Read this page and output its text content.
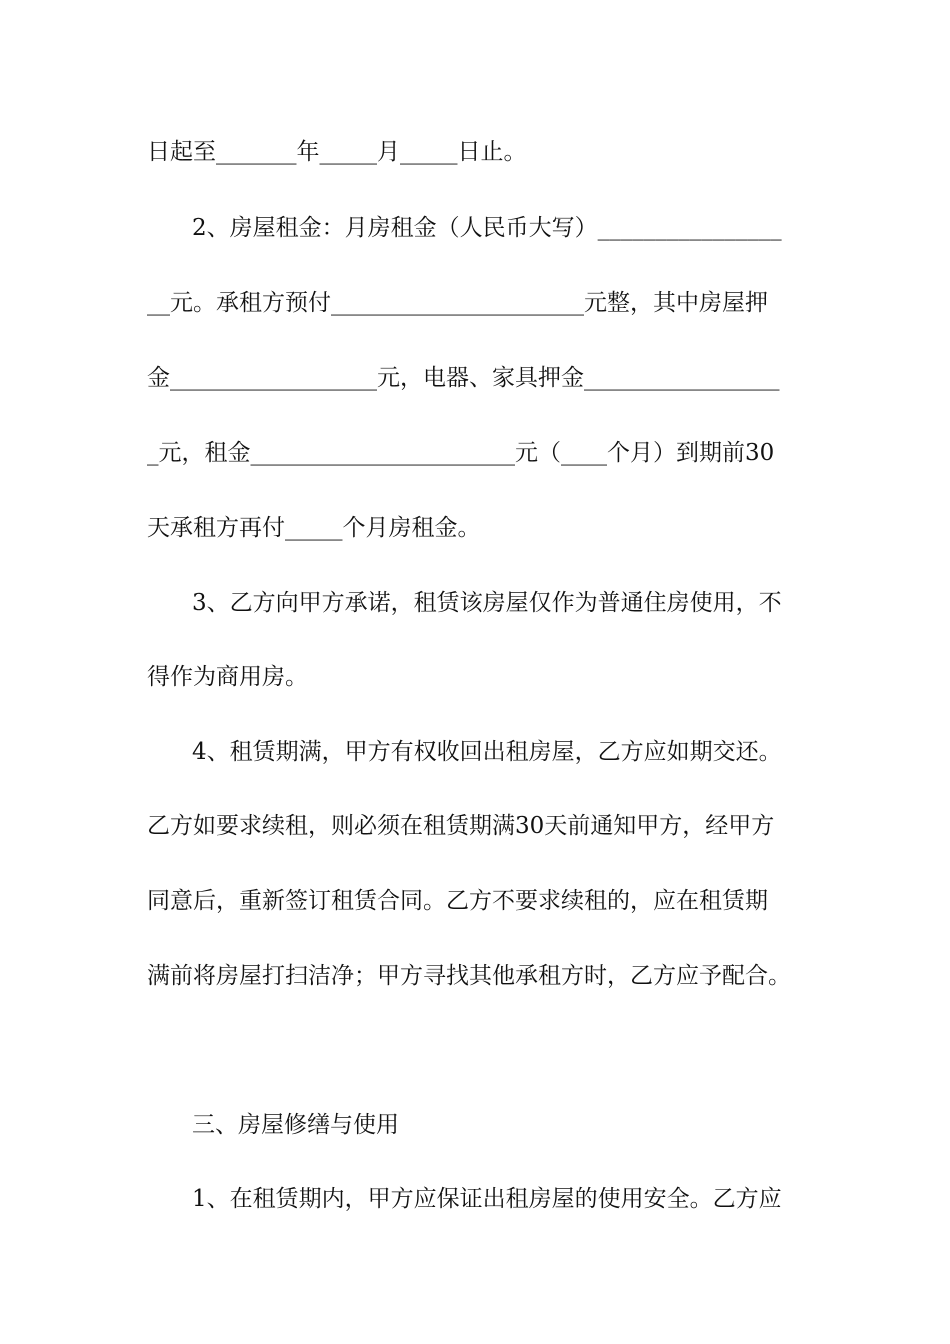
日起至_______年_____月_____日止。
2、房屋租金：月房租金（人民币大写）________________
__元。承租方预付______________________元整，其中房屋押
金__________________元，电器、家具押金_________________
_元，租金_______________________元（____个月）到期前30
天承租方再付_____个月房租金。
3、乙方向甲方承诺，租赁该房屋仅作为普通住房使用，不
得作为商用房。
4、租赁期满，甲方有权收回出租房屋，乙方应如期交还。
乙方如要求续租，则必须在租赁期满30天前通知甲方，经甲方
同意后，重新签订租赁合同。乙方不要求续租的，应在租赁期
满前将房屋打扫洁净；甲方寻找其他承租方时，乙方应予配合。
三、房屋修缮与使用
1、在租赁期内，甲方应保证出租房屋的使用安全。乙方应
